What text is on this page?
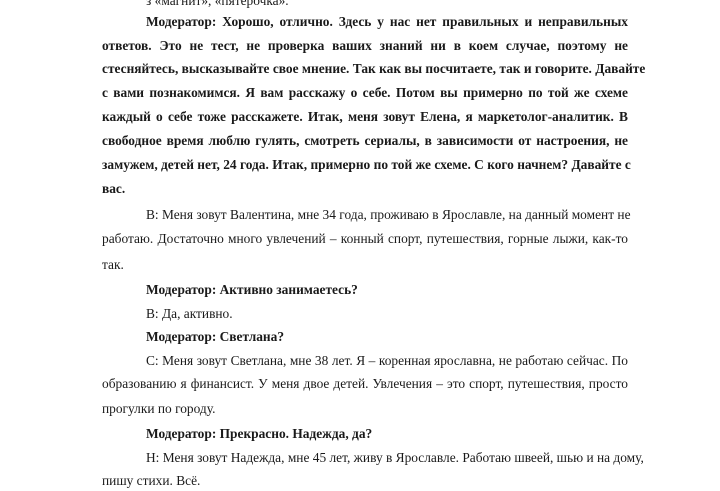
з «магнит», «пятерочка».
Модератор: Хорошо, отлично. Здесь у нас нет правильных и неправильных
ответов. Это не тест, не проверка ваших знаний ни в коем случае, поэтому не
стесняйтесь, высказывайте свое мнение. Так как вы посчитаете, так и говорите. Давайте
с вами познакомимся. Я вам расскажу о себе. Потом вы примерно по той же схеме
каждый о себе тоже расскажете. Итак, меня зовут Елена, я маркетолог-аналитик. В
свободное время люблю гулять, смотреть сериалы, в зависимости от настроения, не
замужем, детей нет, 24 года. Итак, примерно по той же схеме. С кого начнем? Давайте с
вас.
В: Меня зовут Валентина, мне 34 года, проживаю в Ярославле, на данный момент не
работаю. Достаточно много увлечений – конный спорт, путешествия, горные лыжи, как-то
так.
Модератор: Активно занимаетесь?
В: Да, активно.
Модератор: Светлана?
С: Меня зовут Светлана, мне 38 лет. Я – коренная ярославна, не работаю сейчас. По
образованию я финансист. У меня двое детей. Увлечения – это спорт, путешествия, просто
прогулки по городу.
Модератор: Прекрасно. Надежда, да?
Н: Меня зовут Надежда, мне 45 лет, живу в Ярославле. Работаю швеей, шью и на дому,
пишу стихи. Всё.
